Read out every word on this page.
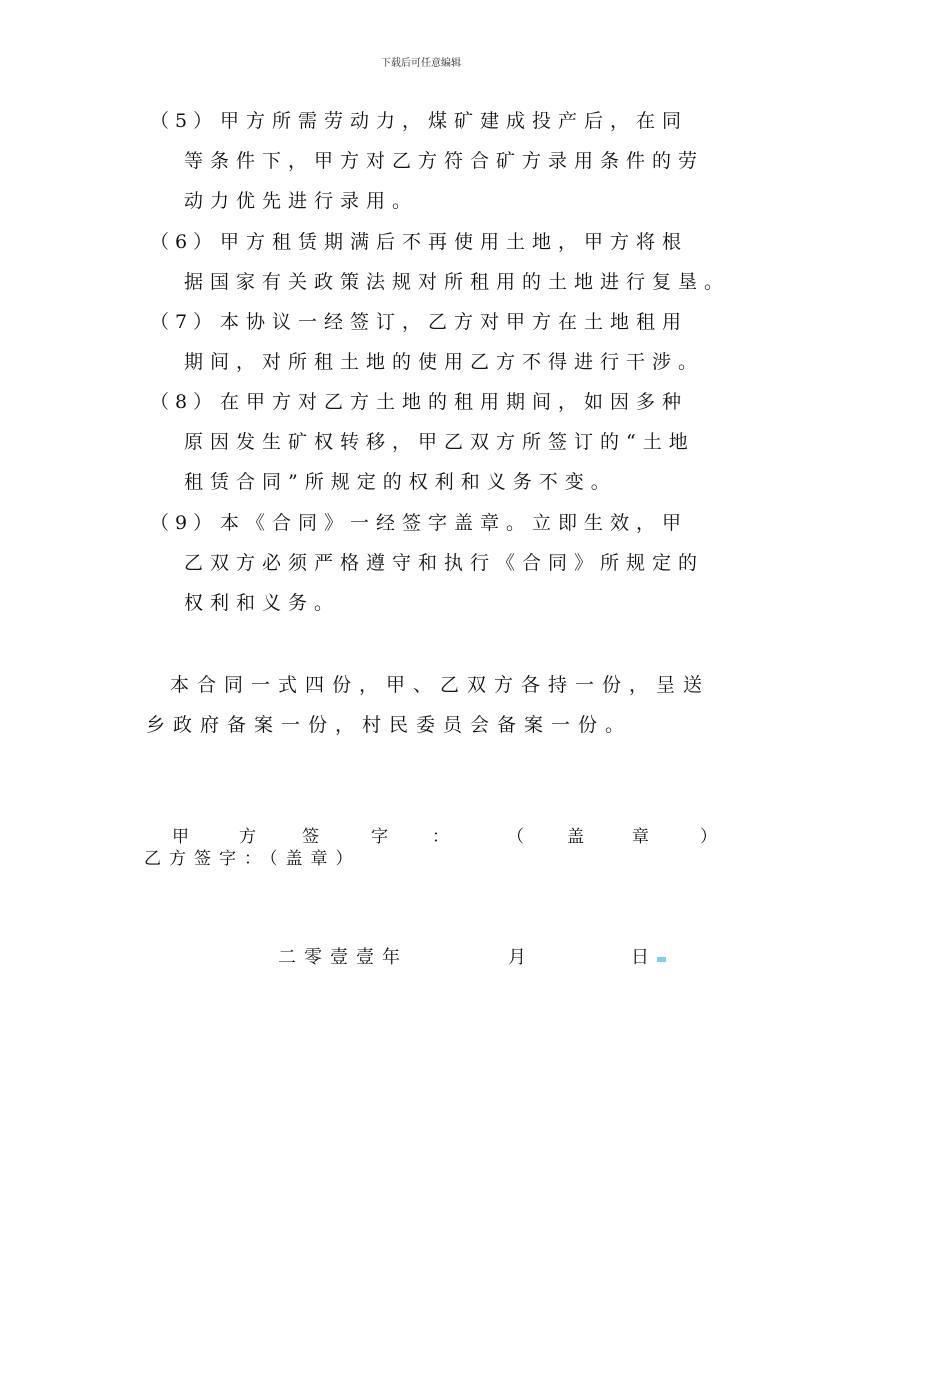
下载后可任意编辑
（5） 甲方所需劳动力，煤矿建成投产后，在同
等条件下，甲方对乙方符合矿方录用条件的劳
动力优先进行录用。
（6） 甲方租赁期满后不再使用土地，甲方将根
据国家有关政策法规对所租用的土地进行复垦。
（7） 本协议一经签订，乙方对甲方在土地租用
期间，对所租土地的使用乙方不得进行干涉。
（8） 在甲方对乙方土地的租用期间，如因多种
原因发生矿权转移，甲乙双方所签订的“土地
租赁合同”所规定的权利和义务不变。
（9） 本《合同》一经签字盖章。立即生效，甲
乙双方必须严格遵守和执行《合同》所规定的
权利和义务。
本合同一式四份，甲、乙双方各持一份，呈送
乡政府备案一份，村民委员会备案一份。
甲	方	签	字	：	（	盖	章	）
乙方签字：（盖章）
二零壹壹年	月	日
